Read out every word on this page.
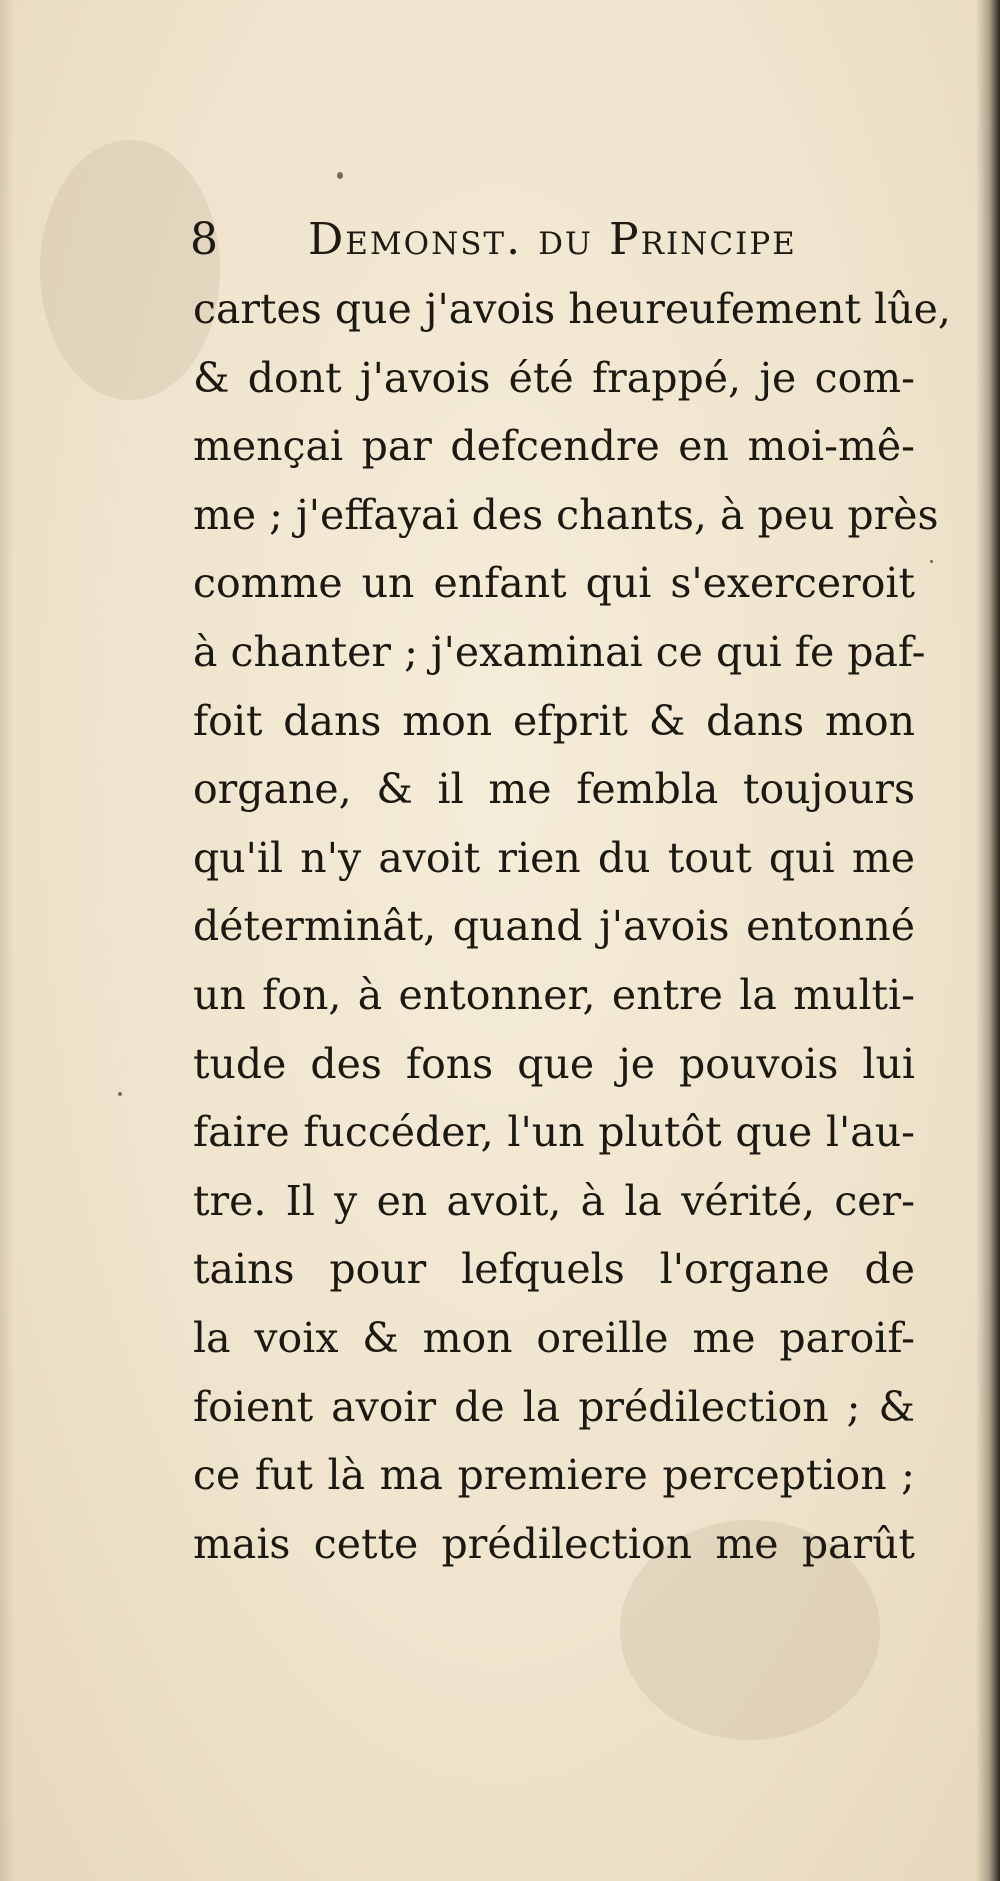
8 Demonst. du Principe
cartes que j'avois heureufement lûe,
& dont j'avois été frappé, je com-
mençai par defcendre en moi-mê-
me ; j'effayai des chants, à peu près
comme un enfant qui s'exerceroit
à chanter ; j'examinai ce qui fe paf-
foit dans mon efprit & dans mon
organe, & il me fembla toujours
qu'il n'y avoit rien du tout qui me
déterminât, quand j'avois entonné
un fon, à entonner, entre la multi-
tude des fons que je pouvois lui
faire fuccéder, l'un plutôt que l'au-
tre. Il y en avoit, à la vérité, cer-
tains pour lefquels l'organe de
la voix & mon oreille me paroif-
foient avoir de la prédilection ; &
ce fut là ma premiere perception ;
mais cette prédilection me parût
